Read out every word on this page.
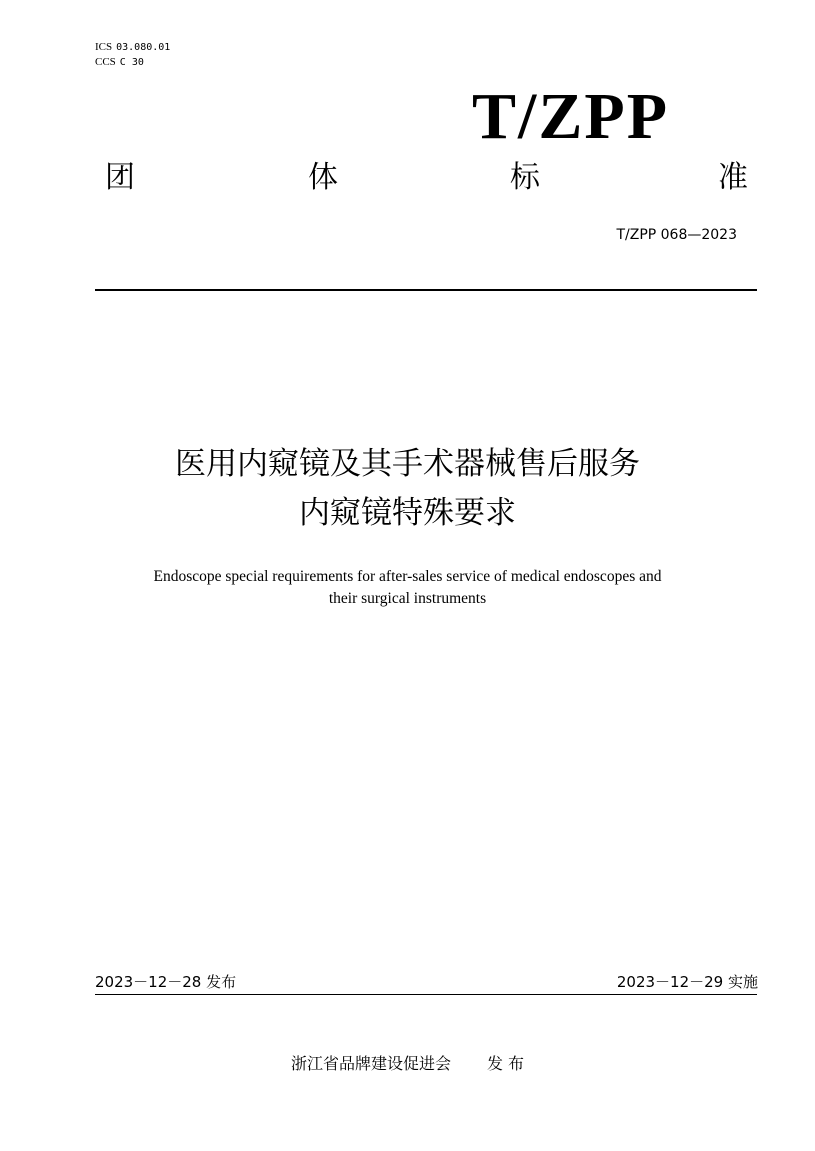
ICS 03.080.01
CCS C 30
T/ZPP
团	体	标	准
T/ZPP 068—2023
医用内窥镜及其手术器械售后服务
内窥镜特殊要求
Endoscope special requirements for after-sales service of medical endoscopes and
their surgical instruments
2023－12－28 发布	2023－12－29 实施
浙江省品牌建设促进会 发 布
